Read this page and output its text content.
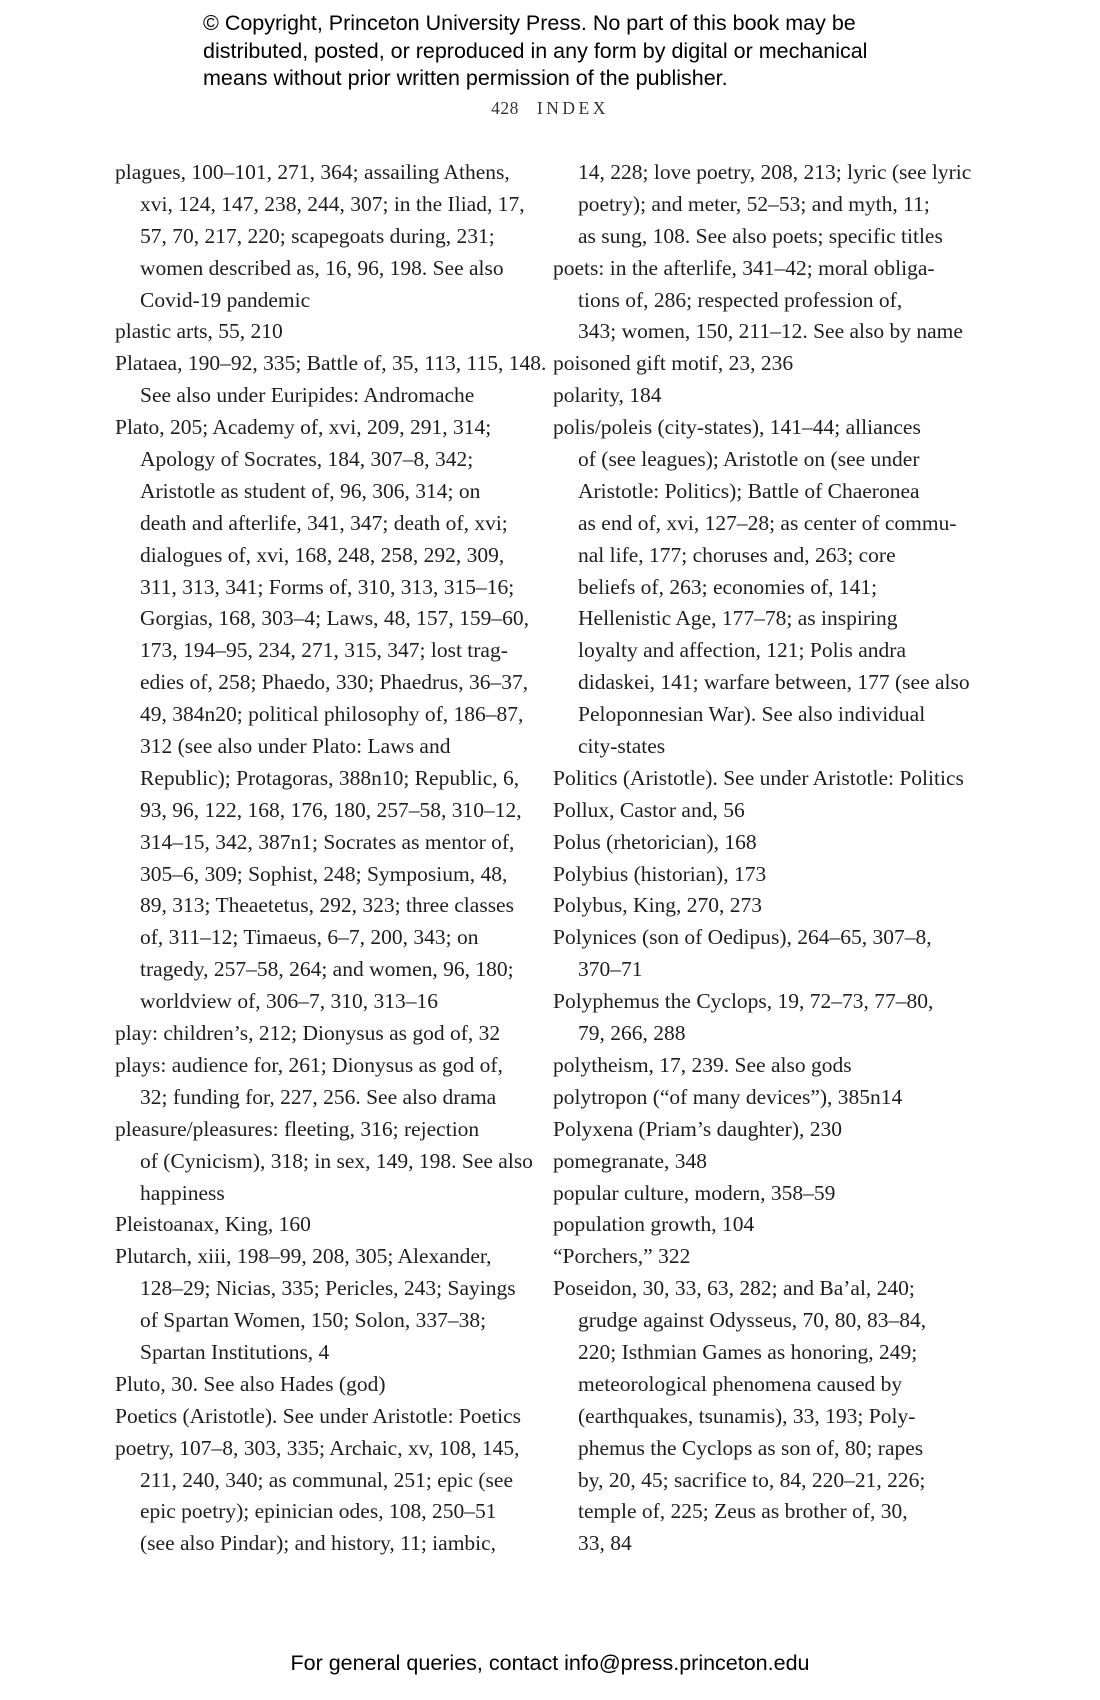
© Copyright, Princeton University Press. No part of this book may be
distributed, posted, or reproduced in any form by digital or mechanical
means without prior written permission of the publisher.
428 INDEX
plagues, 100–101, 271, 364; assailing Athens,
xvi, 124, 147, 238, 244, 307; in the Iliad, 17,
57, 70, 217, 220; scapegoats during, 231;
women described as, 16, 96, 198. See also
Covid-19 pandemic
plastic arts, 55, 210
Plataea, 190–92, 335; Battle of, 35, 113, 115, 148.
See also under Euripides: Andromache
Plato, 205; Academy of, xvi, 209, 291, 314;
Apology of Socrates, 184, 307–8, 342;
Aristotle as student of, 96, 306, 314; on
death and afterlife, 341, 347; death of, xvi;
dialogues of, xvi, 168, 248, 258, 292, 309,
311, 313, 341; Forms of, 310, 313, 315–16;
Gorgias, 168, 303–4; Laws, 48, 157, 159–60,
173, 194–95, 234, 271, 315, 347; lost trag-
edies of, 258; Phaedo, 330; Phaedrus, 36–37,
49, 384n20; political philosophy of, 186–87,
312 (see also under Plato: Laws and
Republic); Protagoras, 388n10; Republic, 6,
93, 96, 122, 168, 176, 180, 257–58, 310–12,
314–15, 342, 387n1; Socrates as mentor of,
305–6, 309; Sophist, 248; Symposium, 48,
89, 313; Theaetetus, 292, 323; three classes
of, 311–12; Timaeus, 6–7, 200, 343; on
tragedy, 257–58, 264; and women, 96, 180;
worldview of, 306–7, 310, 313–16
play: children’s, 212; Dionysus as god of, 32
plays: audience for, 261; Dionysus as god of,
32; funding for, 227, 256. See also drama
pleasure/pleasures: fleeting, 316; rejection
of (Cynicism), 318; in sex, 149, 198. See also
happiness
Pleistoanax, King, 160
Plutarch, xiii, 198–99, 208, 305; Alexander,
128–29; Nicias, 335; Pericles, 243; Sayings
of Spartan Women, 150; Solon, 337–38;
Spartan Institutions, 4
Pluto, 30. See also Hades (god)
Poetics (Aristotle). See under Aristotle: Poetics
poetry, 107–8, 303, 335; Archaic, xv, 108, 145,
211, 240, 340; as communal, 251; epic (see
epic poetry); epinician odes, 108, 250–51
(see also Pindar); and history, 11; iambic,
14, 228; love poetry, 208, 213; lyric (see lyric
poetry); and meter, 52–53; and myth, 11;
as sung, 108. See also poets; specific titles
poets: in the afterlife, 341–42; moral obliga-
tions of, 286; respected profession of,
343; women, 150, 211–12. See also by name
poisoned gift motif, 23, 236
polarity, 184
polis/poleis (city-states), 141–44; alliances
of (see leagues); Aristotle on (see under
Aristotle: Politics); Battle of Chaeronea
as end of, xvi, 127–28; as center of commu-
nal life, 177; choruses and, 263; core
beliefs of, 263; economies of, 141;
Hellenistic Age, 177–78; as inspiring
loyalty and affection, 121; Polis andra
didaskei, 141; warfare between, 177 (see also
Peloponnesian War). See also individual
city-states
Politics (Aristotle). See under Aristotle: Politics
Pollux, Castor and, 56
Polus (rhetorician), 168
Polybius (historian), 173
Polybus, King, 270, 273
Polynices (son of Oedipus), 264–65, 307–8,
370–71
Polyphemus the Cyclops, 19, 72–73, 77–80,
79, 266, 288
polytheism, 17, 239. See also gods
polytropon (“of many devices”), 385n14
Polyxena (Priam’s daughter), 230
pomegranate, 348
popular culture, modern, 358–59
population growth, 104
“Porchers,” 322
Poseidon, 30, 33, 63, 282; and Ba’al, 240;
grudge against Odysseus, 70, 80, 83–84,
220; Isthmian Games as honoring, 249;
meteorological phenomena caused by
(earthquakes, tsunamis), 33, 193; Poly-
phemus the Cyclops as son of, 80; rapes
by, 20, 45; sacrifice to, 84, 220–21, 226;
temple of, 225; Zeus as brother of, 30,
33, 84
For general queries, contact info@press.princeton.edu
